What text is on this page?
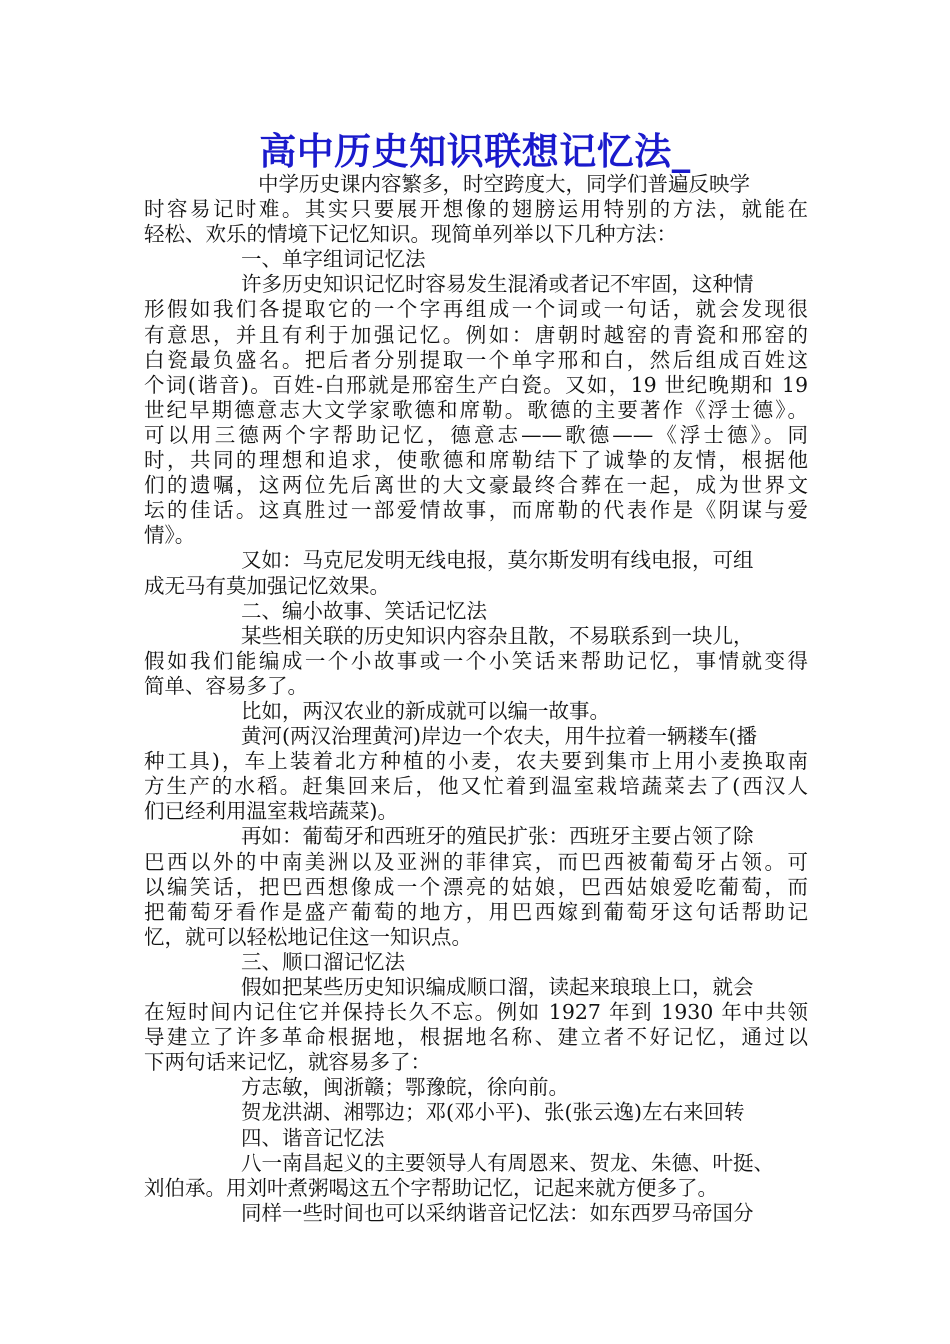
高中历史知识联想记忆法_
中学历史课内容繁多，时空跨度大，同学们普遍反映学
时容易记时难。其实只要展开想像的翅膀运用特别的方法，就能在
轻松、欢乐的情境下记忆知识。现简单列举以下几种方法：
一、单字组词记忆法
许多历史知识记忆时容易发生混淆或者记不牢固，这种情
形假如我们各提取它的一个字再组成一个词或一句话，就会发现很
有意思，并且有利于加强记忆。例如：唐朝时越窑的青瓷和邢窑的
白瓷最负盛名。把后者分别提取一个单字邢和白，然后组成百姓这
个词(谐音)。百姓-白邢就是邢窑生产白瓷。又如，19 世纪晚期和 19
世纪早期德意志大文学家歌德和席勒。歌德的主要著作《浮士德》。
可以用三德两个字帮助记忆，德意志——歌德——《浮士德》。同
时，共同的理想和追求，使歌德和席勒结下了诚挚的友情，根据他
们的遗嘱，这两位先后离世的大文豪最终合葬在一起，成为世界文
坛的佳话。这真胜过一部爱情故事，而席勒的代表作是《阴谋与爱
情》。
又如：马克尼发明无线电报，莫尔斯发明有线电报，可组
成无马有莫加强记忆效果。
二、编小故事、笑话记忆法
某些相关联的历史知识内容杂且散，不易联系到一块儿，
假如我们能编成一个小故事或一个小笑话来帮助记忆，事情就变得
简单、容易多了。
比如，两汉农业的新成就可以编一故事。
黄河(两汉治理黄河)岸边一个农夫，用牛拉着一辆耧车(播
种工具)，车上装着北方种植的小麦，农夫要到集市上用小麦换取南
方生产的水稻。赶集回来后，他又忙着到温室栽培蔬菜去了(西汉人
们已经利用温室栽培蔬菜)。
再如：葡萄牙和西班牙的殖民扩张：西班牙主要占领了除
巴西以外的中南美洲以及亚洲的菲律宾，而巴西被葡萄牙占领。可
以编笑话，把巴西想像成一个漂亮的姑娘，巴西姑娘爱吃葡萄，而
把葡萄牙看作是盛产葡萄的地方，用巴西嫁到葡萄牙这句话帮助记
忆，就可以轻松地记住这一知识点。
三、顺口溜记忆法
假如把某些历史知识编成顺口溜，读起来琅琅上口，就会
在短时间内记住它并保持长久不忘。例如 1927 年到 1930 年中共领
导建立了许多革命根据地，根据地名称、建立者不好记忆，通过以
下两句话来记忆，就容易多了：
方志敏，闽浙赣；鄂豫皖，徐向前。
贺龙洪湖、湘鄂边；邓(邓小平)、张(张云逸)左右来回转
四、谐音记忆法
八一南昌起义的主要领导人有周恩来、贺龙、朱德、叶挺、
刘伯承。用刘叶煮粥喝这五个字帮助记忆，记起来就方便多了。
同样一些时间也可以采纳谐音记忆法：如东西罗马帝国分
